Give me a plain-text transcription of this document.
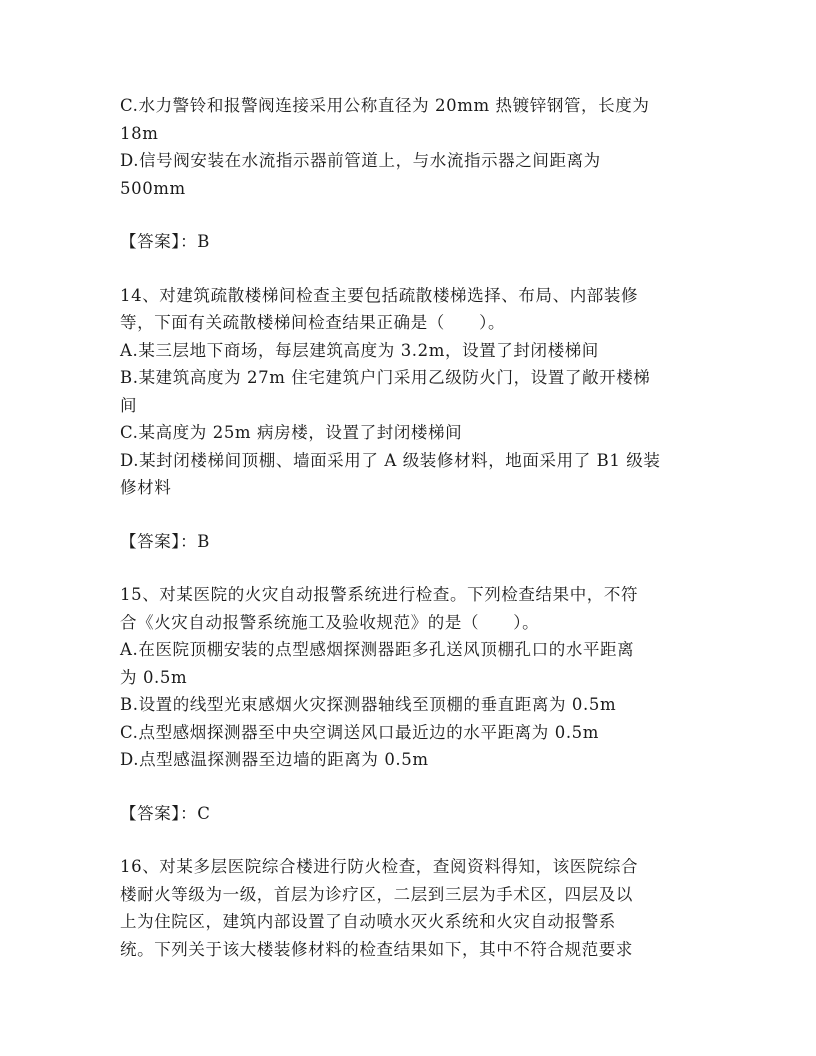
C.水力警铃和报警阀连接采用公称直径为 20mm 热镀锌钢管，长度为
18m
D.信号阀安装在水流指示器前管道上，与水流指示器之间距离为
500mm
【答案】：B
14、对建筑疏散楼梯间检查主要包括疏散楼梯选择、布局、内部装修
等，下面有关疏散楼梯间检查结果正确是（　　）。
A.某三层地下商场，每层建筑高度为 3.2m，设置了封闭楼梯间
B.某建筑高度为 27m 住宅建筑户门采用乙级防火门，设置了敞开楼梯
间
C.某高度为 25m 病房楼，设置了封闭楼梯间
D.某封闭楼梯间顶棚、墙面采用了 A 级装修材料，地面采用了 B1 级装
修材料
【答案】：B
15、对某医院的火灾自动报警系统进行检查。下列检查结果中，不符
合《火灾自动报警系统施工及验收规范》的是（　　）。
A.在医院顶棚安装的点型感烟探测器距多孔送风顶棚孔口的水平距离
为 0.5m
B.设置的线型光束感烟火灾探测器轴线至顶棚的垂直距离为 0.5m
C.点型感烟探测器至中央空调送风口最近边的水平距离为 0.5m
D.点型感温探测器至边墙的距离为 0.5m
【答案】：C
16、对某多层医院综合楼进行防火检查，查阅资料得知，该医院综合
楼耐火等级为一级，首层为诊疗区，二层到三层为手术区，四层及以
上为住院区，建筑内部设置了自动喷水灭火系统和火灾自动报警系
统。下列关于该大楼装修材料的检查结果如下，其中不符合规范要求
